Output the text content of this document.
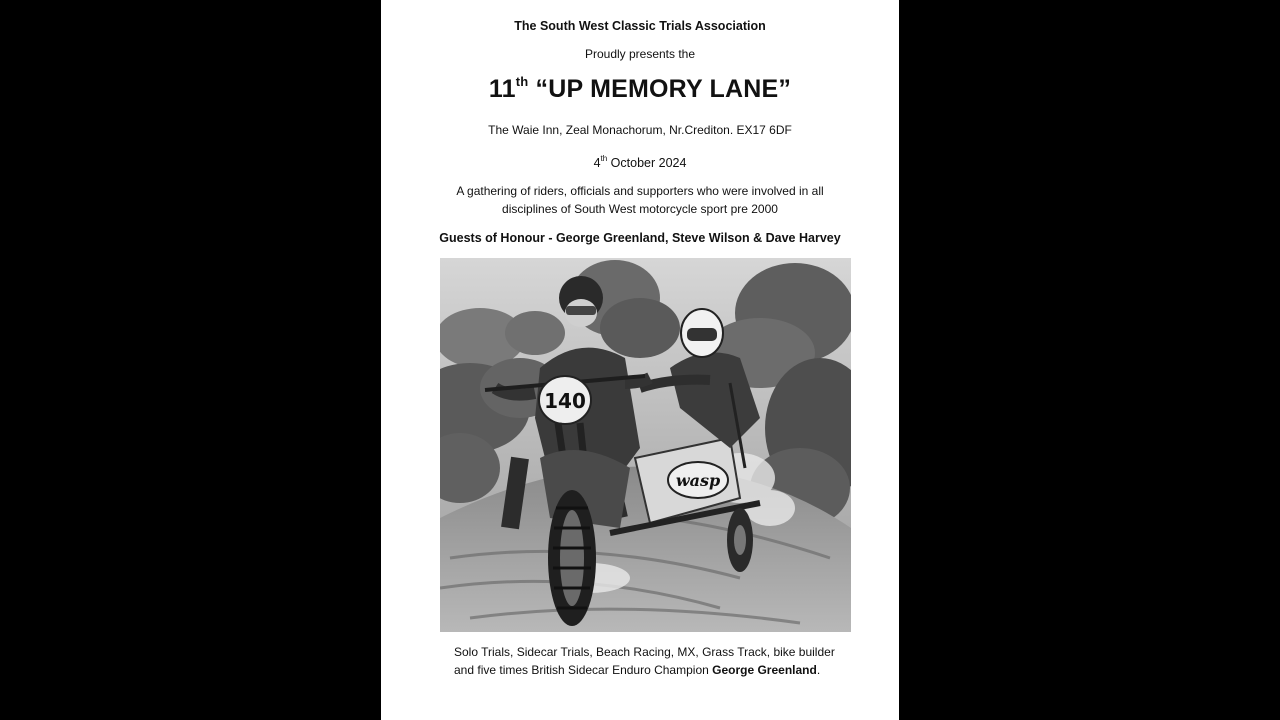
The South West Classic Trials Association
Proudly presents the
11th “UP MEMORY LANE”
The Waie Inn, Zeal Monachorum, Nr.Crediton. EX17 6DF
4th October 2024
A gathering of riders, officials and supporters who were involved in all
disciplines of South West motorcycle sport pre 2000
Guests of Honour - George Greenland, Steve Wilson & Dave Harvey
wasp
140
Solo Trials, Sidecar Trials, Beach Racing, MX, Grass Track, bike builder
and five times British Sidecar Enduro Champion George Greenland.
